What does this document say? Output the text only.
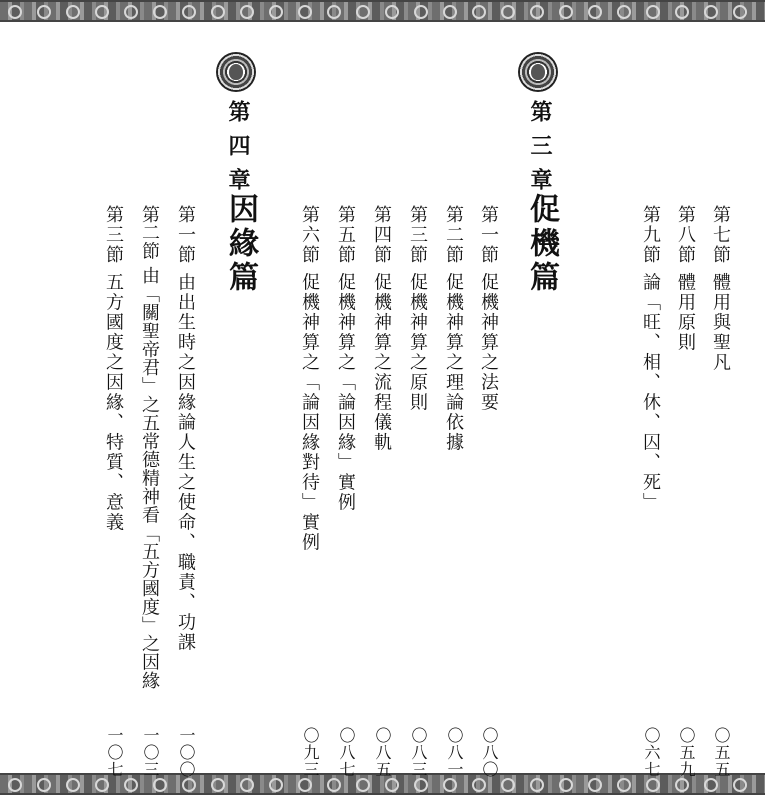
第三章
第四章
促機篇
因緣篇	第七節 體用與聖凡
〇五五
第八節 體用原則
〇五九
第九節 論「旺、相、休、囚、死」
〇六七
第一節 促機神算之法要
〇八〇
第二節 促機神算之理論依據
〇八一
第三節 促機神算之原則
〇八三
第四節 促機神算之流程儀軌
〇八五
第五節 促機神算之「論因緣」實例
〇八七
第六節 促機神算之「論因緣對待」實例
〇九三
第一節 由出生時之因緣論人生之使命、職責、功課
一〇〇
第二節 由「關聖帝君」之五常德精神看「五方國度」之因緣
一〇三
第三節 五方國度之因緣、特質、意義
一〇七
